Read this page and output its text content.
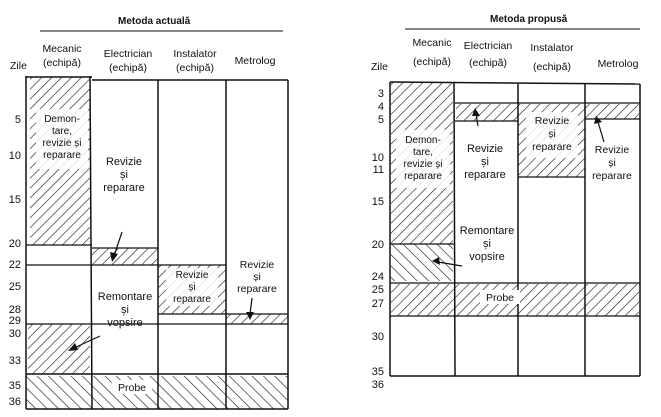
Metoda actuală
Mecanic
(echipă)
Electrician
(echipă)
Instalator
(echipă)
Metrolog
Zile
5
10
15
20
22
25
28
29
30
33
35
36
Demon-
tare,
revizie și
reparare
Revizie
și
reparare
Revizie
și
reparare
Revizie
și
reparare
Remontare
și
vopsire
Probe
Metoda propusă
Mecanic
(echipă)
Electrician
(echipă)
Instalator
(echipă)	Metrolog
Zile
3
4
5
10
11
15
20
24
25
27
30
35
36
Demon-
tare,
revizie și
reparare
Revizie
și
reparare
Revizie
și
reparare Revizie
și
reparare
Remontare
și
vopsire
Probe
